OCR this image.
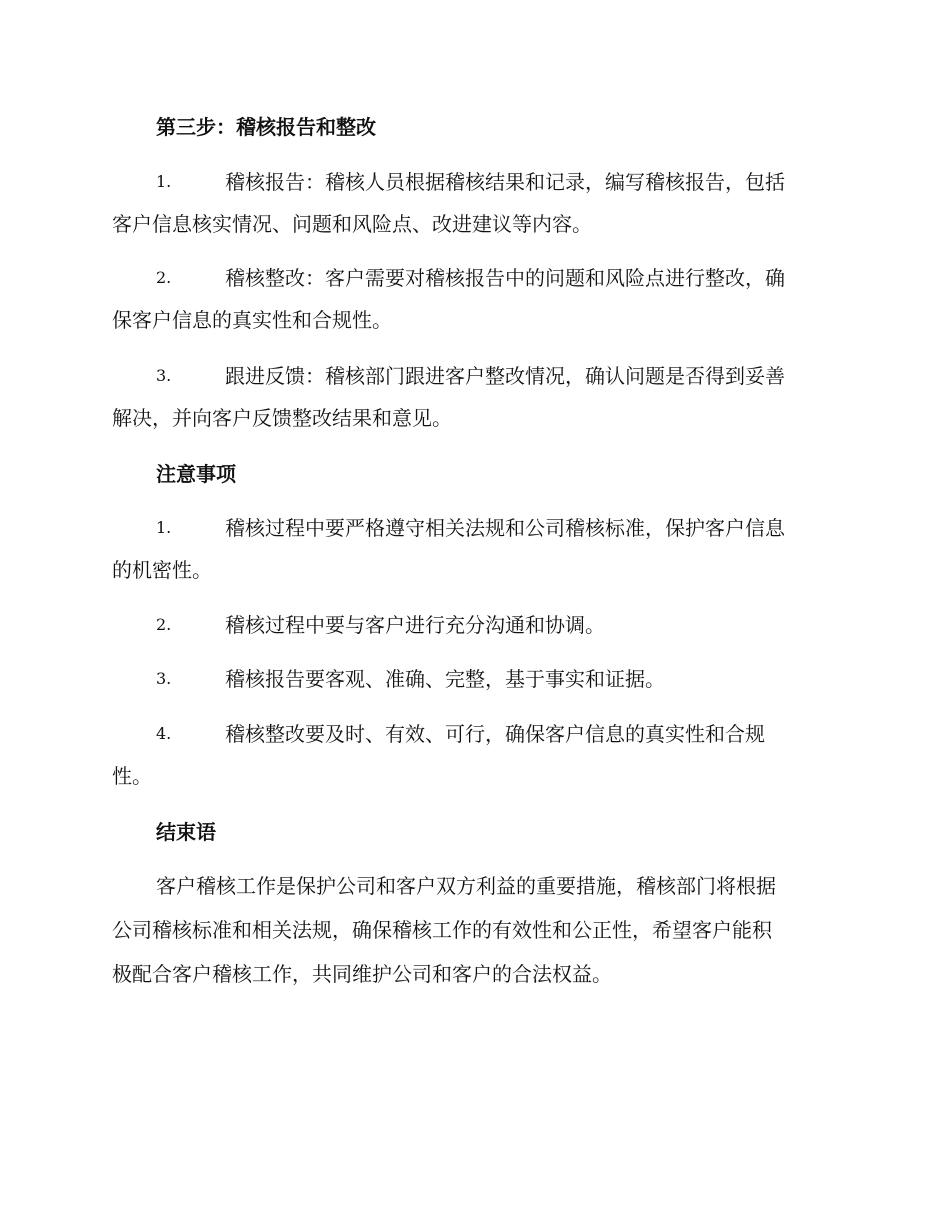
第三步：稽核报告和整改
1.	稽核报告：稽核人员根据稽核结果和记录，编写稽核报告，包括
客户信息核实情况、问题和风险点、改进建议等内容。
2.	稽核整改：客户需要对稽核报告中的问题和风险点进行整改，确
保客户信息的真实性和合规性。
3.	跟进反馈：稽核部门跟进客户整改情况，确认问题是否得到妥善
解决，并向客户反馈整改结果和意见。
注意事项
1.	稽核过程中要严格遵守相关法规和公司稽核标准，保护客户信息
的机密性。
2.	稽核过程中要与客户进行充分沟通和协调。
3.	稽核报告要客观、准确、完整，基于事实和证据。
4.	稽核整改要及时、有效、可行，确保客户信息的真实性和合规
性。
结束语
客户稽核工作是保护公司和客户双方利益的重要措施，稽核部门将根据
公司稽核标准和相关法规，确保稽核工作的有效性和公正性，希望客户能积
极配合客户稽核工作，共同维护公司和客户的合法权益。
